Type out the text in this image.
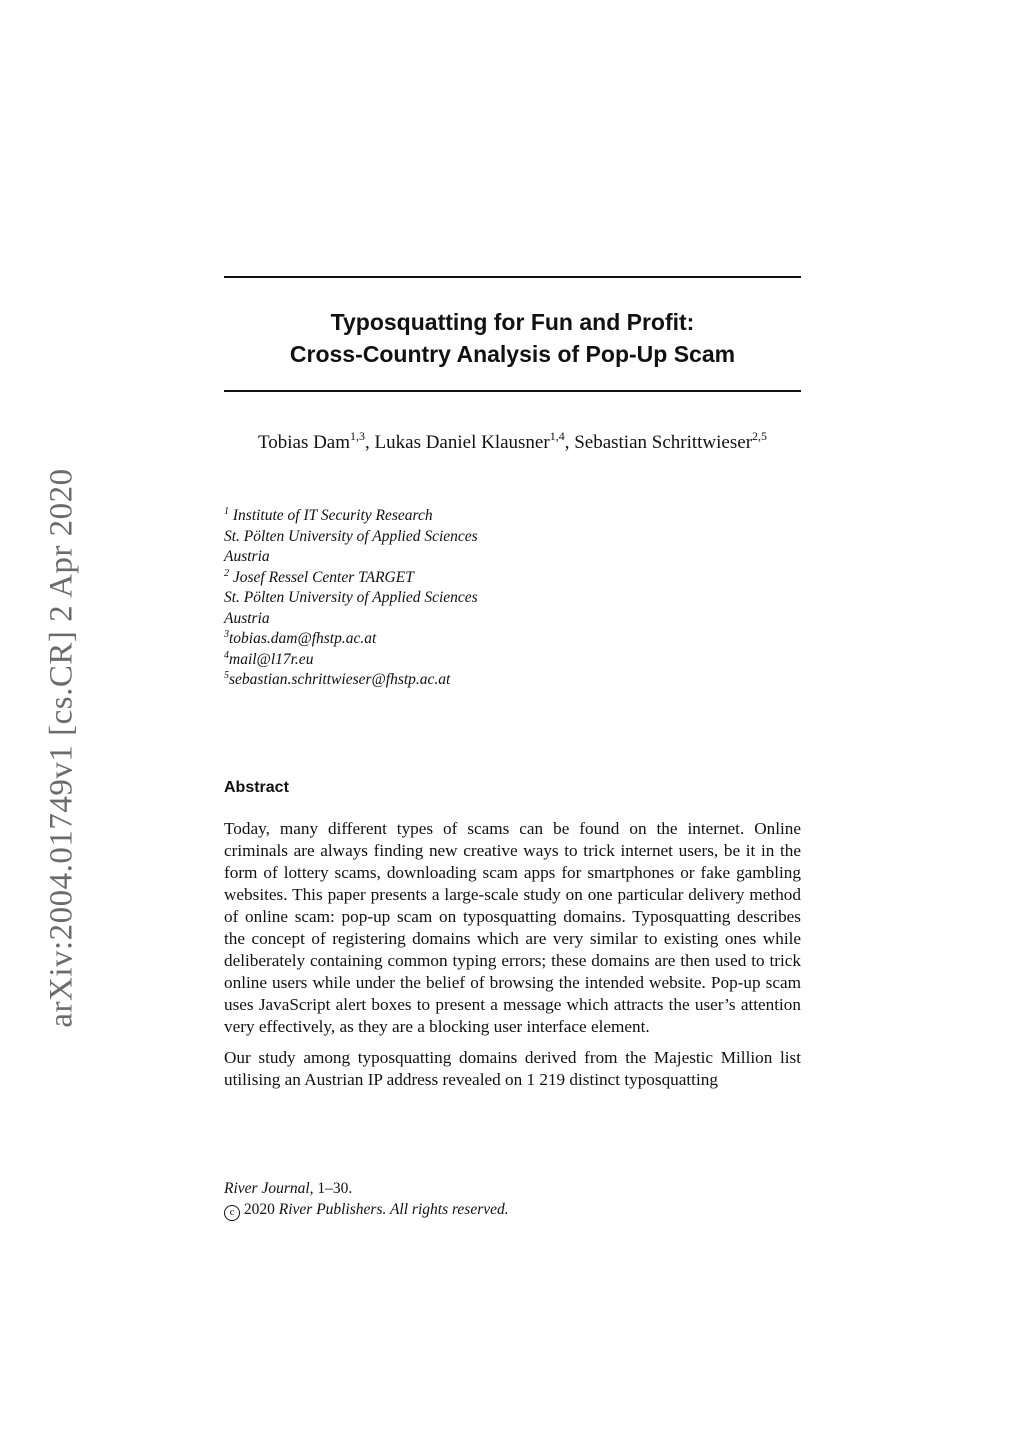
arXiv:2004.01749v1 [cs.CR] 2 Apr 2020
Typosquatting for Fun and Profit:
Cross-Country Analysis of Pop-Up Scam
Tobias Dam$^{1,3}$, Lukas Daniel Klausner$^{1,4}$, Sebastian Schrittwieser$^{2,5}$
$^1$ Institute of IT Security Research
St. Pölten University of Applied Sciences
Austria
$^2$ Josef Ressel Center TARGET
St. Pölten University of Applied Sciences
Austria
$^3$tobias.dam@fhstp.ac.at
$^4$mail@l17r.eu
$^5$sebastian.schrittwieser@fhstp.ac.at
Abstract

Today, many different types of scams can be found on the internet. Online criminals are always finding new creative ways to trick internet users, be it in the form of lottery scams, downloading scam apps for smartphones or fake gambling websites. This paper presents a large-scale study on one particular delivery method of online scam: pop-up scam on typosquatting domains. Typosquatting describes the concept of registering domains which are very similar to existing ones while deliberately containing common typing errors; these domains are then used to trick online users while under the belief of browsing the intended website. Pop-up scam uses JavaScript alert boxes to present a message which attracts the user’s attention very effectively, as they are a blocking user interface element.

Our study among typosquatting domains derived from the Majestic Million list utilising an Austrian IP address revealed on 1 219 distinct typosquatting

River Journal, 1–30.
c 2020 River Publishers. All rights reserved.
